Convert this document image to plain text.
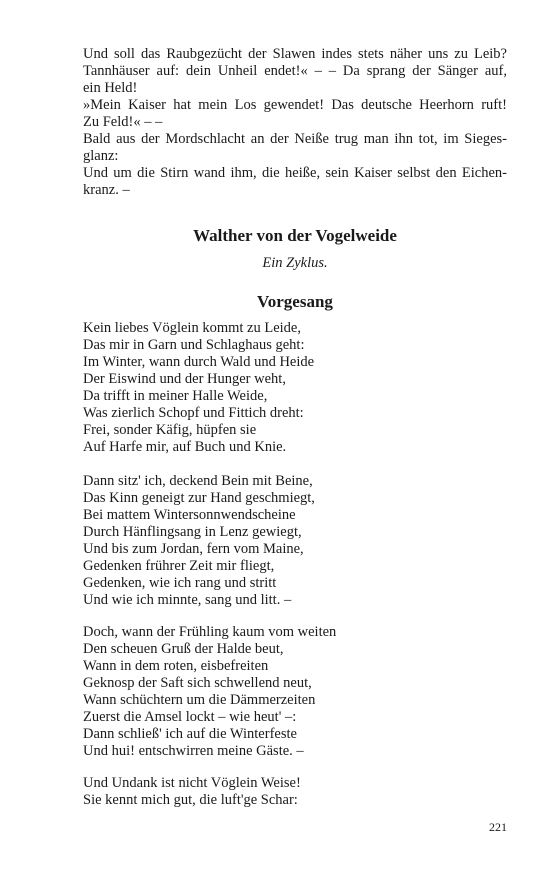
Und soll das Raubgezücht der Slawen indes stets näher uns zu Leib?
Tannhäuser auf: dein Unheil endet!« – – Da sprang der Sänger auf,
ein Held!
»Mein Kaiser hat mein Los gewendet! Das deutsche Heerhorn ruft!
Zu Feld!« – –
Bald aus der Mordschlacht an der Neiße trug man ihn tot, im Sieges-
glanz:
Und um die Stirn wand ihm, die heiße, sein Kaiser selbst den Eichen-
kranz. –
Walther von der Vogelweide
Ein Zyklus.
Vorgesang
Kein liebes Vöglein kommt zu Leide,
Das mir in Garn und Schlaghaus geht:
Im Winter, wann durch Wald und Heide
Der Eiswind und der Hunger weht,
Da trifft in meiner Halle Weide,
Was zierlich Schopf und Fittich dreht:
Frei, sonder Käfig, hüpfen sie
Auf Harfe mir, auf Buch und Knie.
Dann sitz' ich, deckend Bein mit Beine,
Das Kinn geneigt zur Hand geschmiegt,
Bei mattem Wintersonnwendscheine
Durch Hänflingsang in Lenz gewiegt,
Und bis zum Jordan, fern vom Maine,
Gedenken frührer Zeit mir fliegt,
Gedenken, wie ich rang und stritt
Und wie ich minnte, sang und litt. –
Doch, wann der Frühling kaum vom weiten
Den scheuen Gruß der Halde beut,
Wann in dem roten, eisbefreiten
Geknosp der Saft sich schwellend neut,
Wann schüchtern um die Dämmerzeiten
Zuerst die Amsel lockt – wie heut' –:
Dann schließ' ich auf die Winterfeste
Und hui! entschwirren meine Gäste. –
Und Undank ist nicht Vöglein Weise!
Sie kennt mich gut, die luft'ge Schar:
221
